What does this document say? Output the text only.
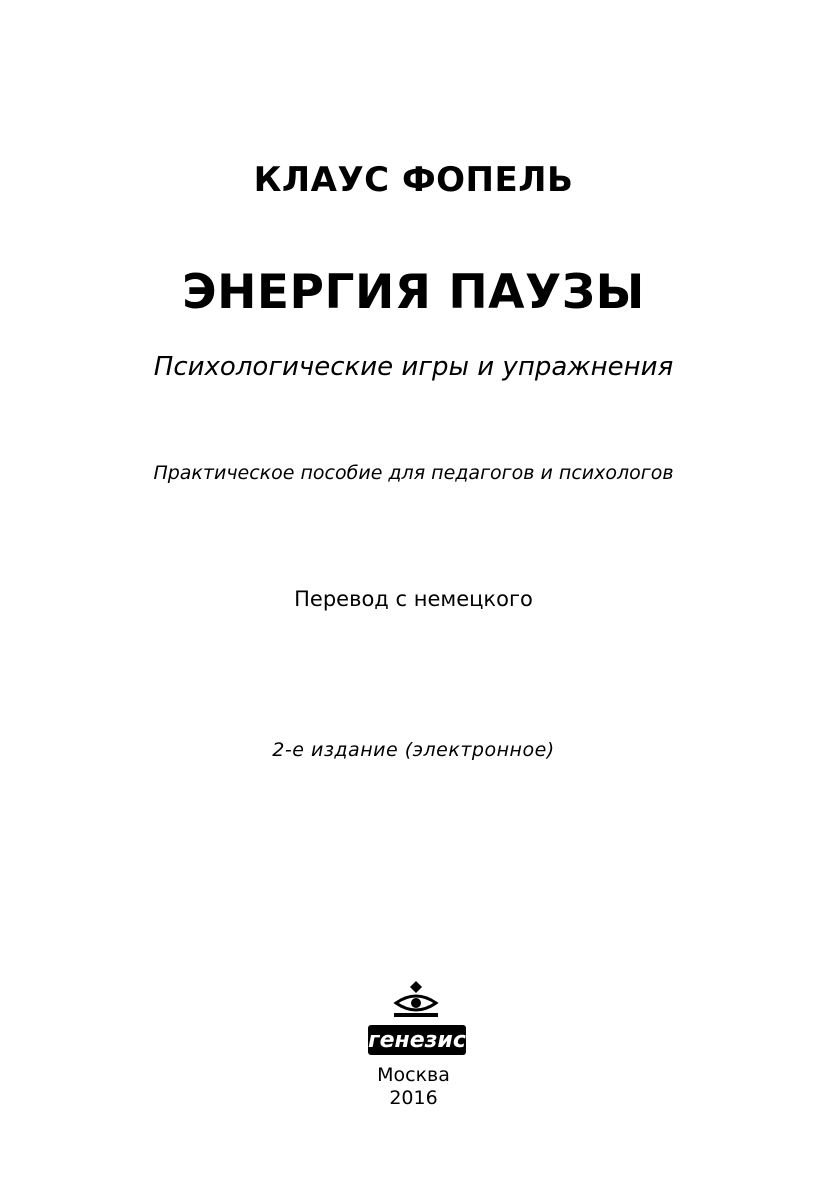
КЛАУС ФОПЕЛЬ
ЭНЕРГИЯ ПАУЗЫ
Психологические игры и упражнения
Практическое пособие для педагогов и психологов
Перевод с немецкого
2-е издание (электронное)
генезис
Москва
2016
